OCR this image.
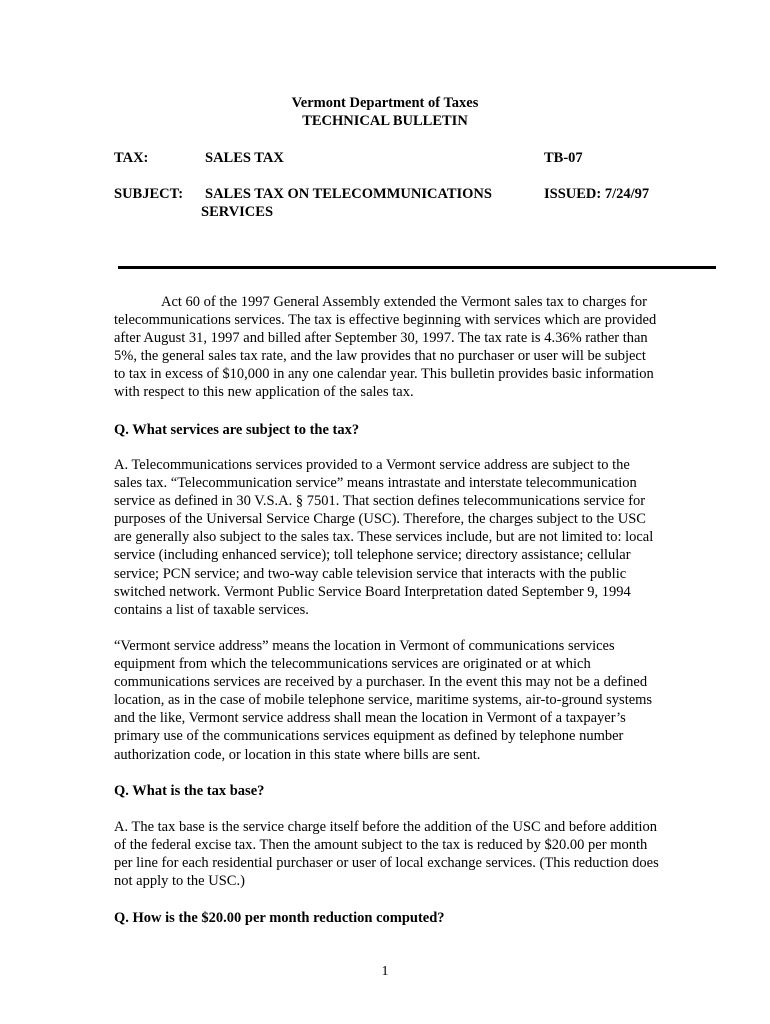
Vermont Department of Taxes
TECHNICAL BULLETIN
TAX:	SALES TAX	TB-07
SUBJECT: SALES TAX ON TELECOMMUNICATIONS
SERVICES
ISSUED: 7/24/97

Act 60 of the 1997 General Assembly extended the Vermont sales tax to charges for telecommunications services. The tax is effective beginning with services which are provided after August 31, 1997 and billed after September 30, 1997. The tax rate is 4.36% rather than 5%, the general sales tax rate, and the law provides that no purchaser or user will be subject to tax in excess of $10,000 in any one calendar year. This bulletin provides basic information with respect to this new application of the sales tax.

Q. What services are subject to the tax?

A. Telecommunications services provided to a Vermont service address are subject to the sales tax. “Telecommunication service” means intrastate and interstate telecommunication service as defined in 30 V.S.A. § 7501. That section defines telecommunications service for purposes of the Universal Service Charge (USC). Therefore, the charges subject to the USC are generally also subject to the sales tax. These services include, but are not limited to: local service (including enhanced service); toll telephone service; directory assistance; cellular service; PCN service; and two-way cable television service that interacts with the public switched network. Vermont Public Service Board Interpretation dated September 9, 1994 contains a list of taxable services.

“Vermont service address” means the location in Vermont of communications services equipment from which the telecommunications services are originated or at which communications services are received by a purchaser. In the event this may not be a defined location, as in the case of mobile telephone service, maritime systems, air-to-ground systems and the like, Vermont service address shall mean the location in Vermont of a taxpayer’s primary use of the communications services equipment as defined by telephone number authorization code, or location in this state where bills are sent.

Q. What is the tax base?

A. The tax base is the service charge itself before the addition of the USC and before addition of the federal excise tax. Then the amount subject to the tax is reduced by $20.00 per month per line for each residential purchaser or user of local exchange services. (This reduction does not apply to the USC.)

Q. How is the $20.00 per month reduction computed?

1
